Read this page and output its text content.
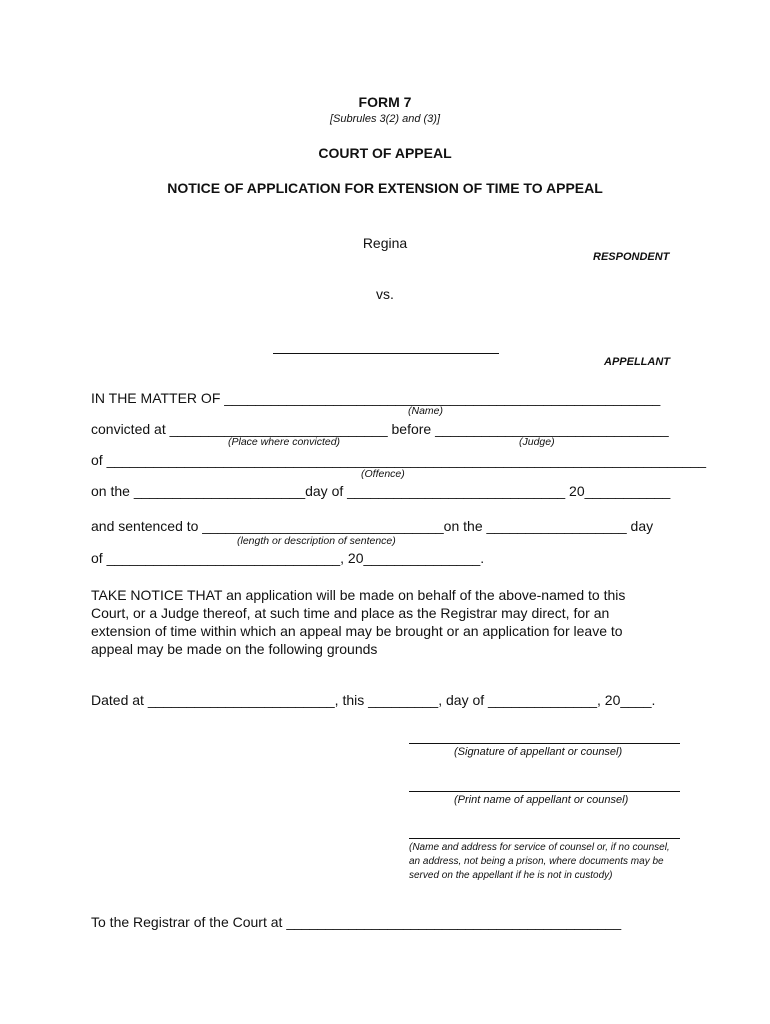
FORM 7
[Subrules 3(2) and (3)]
COURT OF APPEAL
NOTICE OF APPLICATION FOR EXTENSION OF TIME TO APPEAL
Regina
RESPONDENT
vs.
APPELLANT
IN THE MATTER OF ________________________________________________________
(Name)
convicted at ____________________________ before ______________________________
(Place where convicted)	(Judge)
of _____________________________________________________________________________
(Offence)
on the ______________________day of ____________________________ 20___________
and sentenced to _______________________________on the __________________ day
(length or description of sentence)
of ______________________________, 20_______________.
TAKE NOTICE THAT an application will be made on behalf of the above-named to this
Court, or a Judge thereof, at such time and place as the Registrar may direct, for an
extension of time within which an appeal may be brought or an application for leave to
appeal may be made on the following grounds
Dated at ________________________, this _________, day of ______________, 20____.
(Signature of appellant or counsel)
(Print name of appellant or counsel)
(Name and address for service of counsel or, if no counsel, an address, not being a prison, where documents may be served on the appellant if he is not in custody)
To the Registrar of the Court at ___________________________________________
